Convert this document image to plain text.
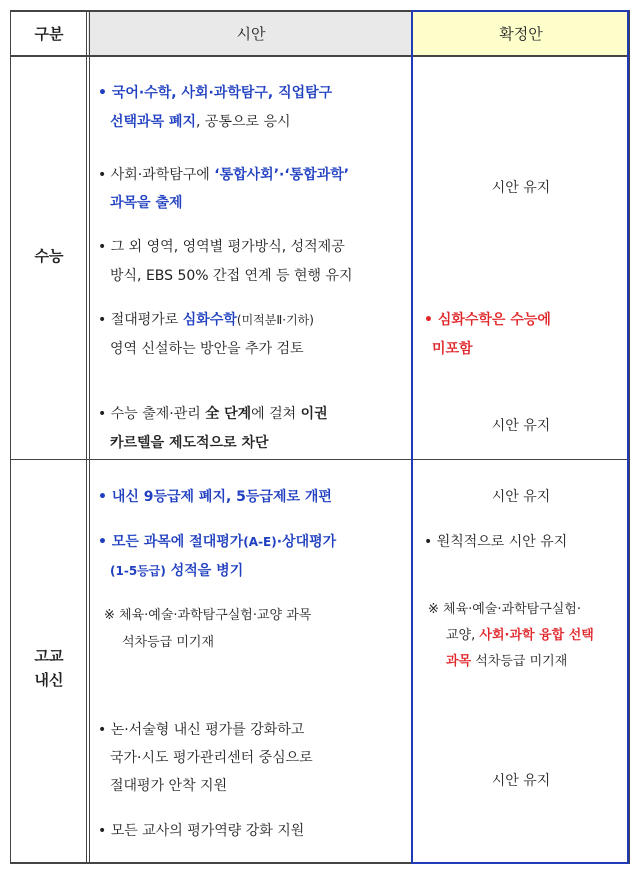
구분	시안	확정안
수능
• 국어·수학, 사회·과학탐구, 직업탐구
선택과목 폐지, 공통으로 응시
• 사회·과학탐구에 ‘통합사회’·‘통합과학’
과목을 출제
• 그 외 영역, 영역별 평가방식, 성적제공
방식, EBS 50% 간접 연계 등 현행 유지
• 절대평가로 심화수학(미적분Ⅱ·기하)
영역 신설하는 방안을 추가 검토
• 수능 출제·관리 全 단계에 걸쳐 이권
카르텔을 제도적으로 차단
시안 유지
• 심화수학은 수능에
미포함
시안 유지
고교
내신
• 내신 9등급제 폐지, 5등급제로 개편
• 모든 과목에 절대평가(A-E)·상대평가
(1-5등급) 성적을 병기
※ 체육·예술·과학탐구실험·교양 과목
석차등급 미기재
• 논·서술형 내신 평가를 강화하고
국가·시도 평가관리센터 중심으로
절대평가 안착 지원
• 모든 교사의 평가역량 강화 지원
시안 유지
• 원칙적으로 시안 유지
※ 체육·예술·과학탐구실험·
교양, 사회·과학 융합 선택
과목 석차등급 미기재
시안 유지
